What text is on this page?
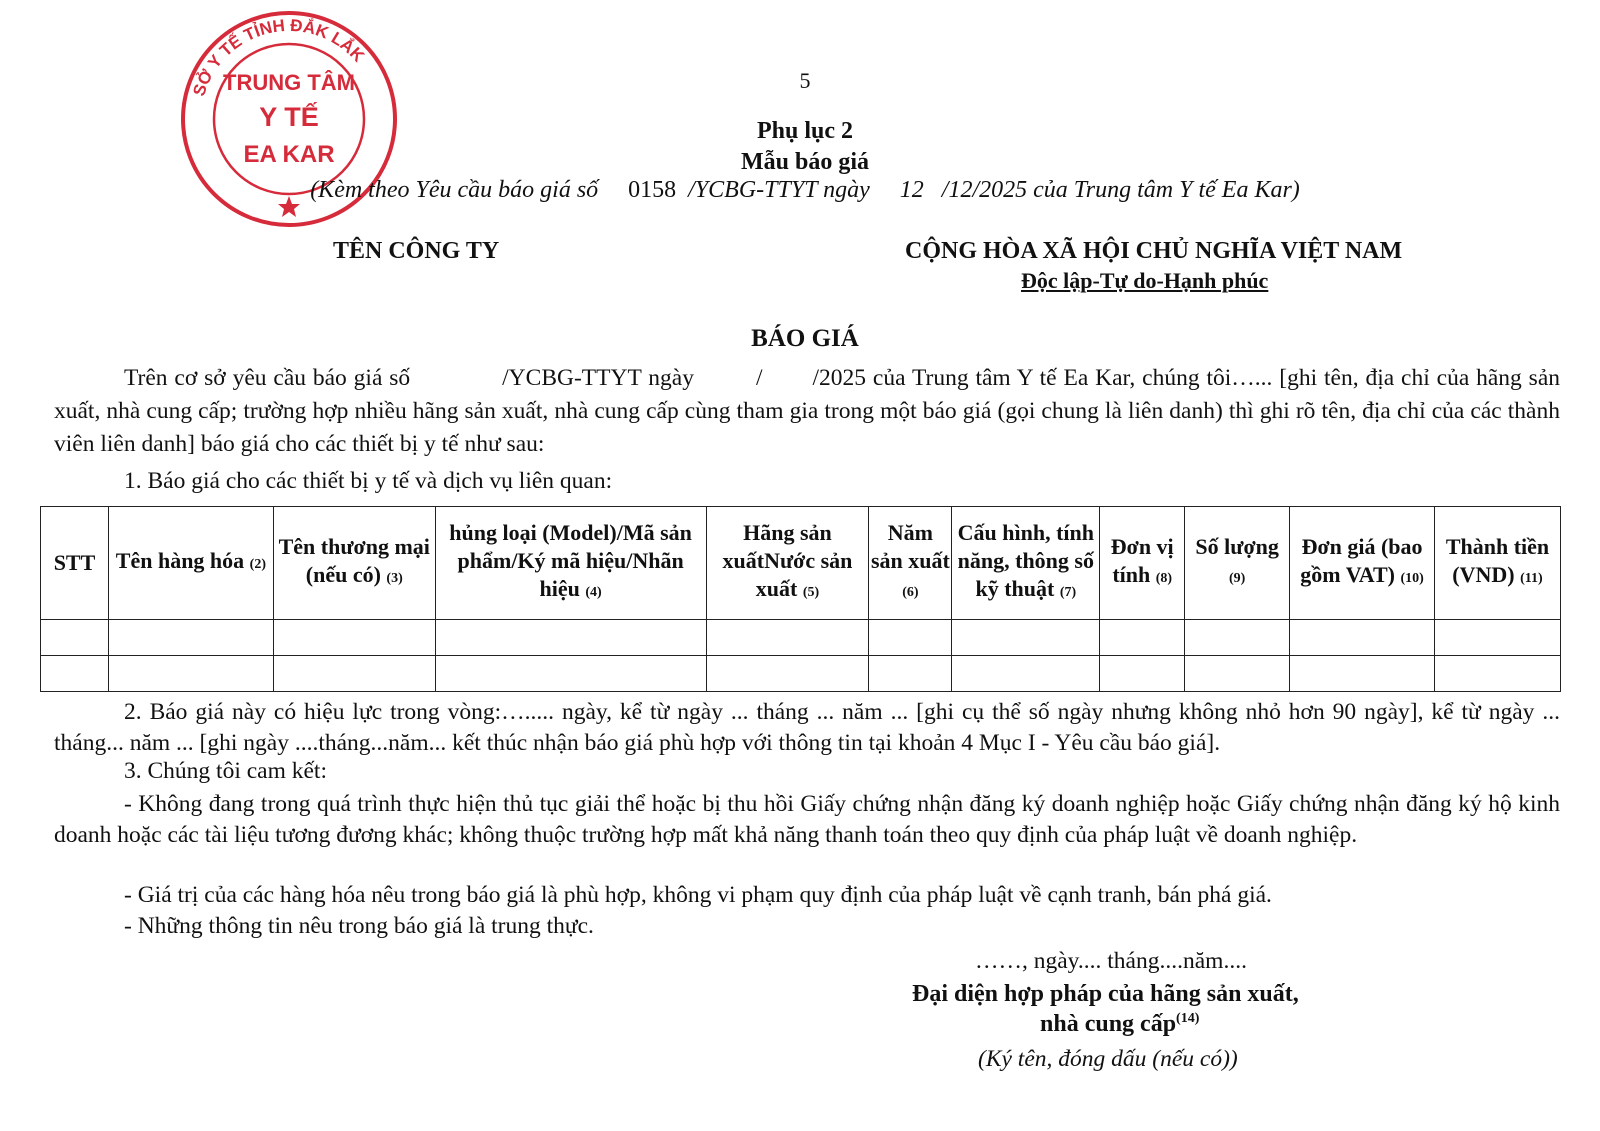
SỞ Y TẾ TỈNH ĐẮK LẮK
TRUNG TÂM
Y TẾ
EA KAR
5
Phụ lục 2
Mẫu báo giá
(Kèm theo Yêu cầu báo giá số 0158 /YCBG-TTYT ngày 12 /12/2025 của Trung tâm Y tế Ea Kar)
TÊN CÔNG TY	CỘNG HÒA XÃ HỘI CHỦ NGHĨA VIỆT NAM
Độc lập-Tự do-Hạnh phúc
BÁO GIÁ
Trên cơ sở yêu cầu báo giá số	/YCBG-TTYT ngày	/ /2025 của Trung tâm Y tế Ea Kar, chúng tôi…... [ghi tên, địa chỉ của hãng sản xuất, nhà cung cấp; trường hợp nhiều hãng sản xuất, nhà cung cấp cùng tham gia trong một báo giá (gọi chung là liên danh) thì ghi rõ tên, địa chỉ của các thành viên liên danh] báo giá cho các thiết bị y tế như sau:
1. Báo giá cho các thiết bị y tế và dịch vụ liên quan:
STT	Tên hàng hóa (2)	Tên thương mại (nếu có) (3)	hủng loại (Model)/Mã sản phẩm/Ký mã hiệu/Nhãn hiệu (4)	Hãng sản xuấtNước sản xuất (5)	Năm sản xuất (6)	Cấu hình, tính năng, thông số kỹ thuật (7)	Đơn vị tính (8)	Số lượng (9)	Đơn giá (bao gồm VAT) (10)	Thành tiền (VND) (11)

2. Báo giá này có hiệu lực trong vòng:…..... ngày, kể từ ngày ... tháng ... năm ... [ghi cụ thể số ngày nhưng không nhỏ hơn 90 ngày], kể từ ngày ... tháng... năm ... [ghi ngày ....tháng...năm... kết thúc nhận báo giá phù hợp với thông tin tại khoản 4 Mục I - Yêu cầu báo giá].
3. Chúng tôi cam kết:
- Không đang trong quá trình thực hiện thủ tục giải thể hoặc bị thu hồi Giấy chứng nhận đăng ký doanh nghiệp hoặc Giấy chứng nhận đăng ký hộ kinh doanh hoặc các tài liệu tương đương khác; không thuộc trường hợp mất khả năng thanh toán theo quy định của pháp luật về doanh nghiệp.
- Giá trị của các hàng hóa nêu trong báo giá là phù hợp, không vi phạm quy định của pháp luật về cạnh tranh, bán phá giá.
- Những thông tin nêu trong báo giá là trung thực.
……, ngày.... tháng....năm....
Đại diện hợp pháp của hãng sản xuất,
nhà cung cấp$^{(14)}$
(Ký tên, đóng dấu (nếu có))
